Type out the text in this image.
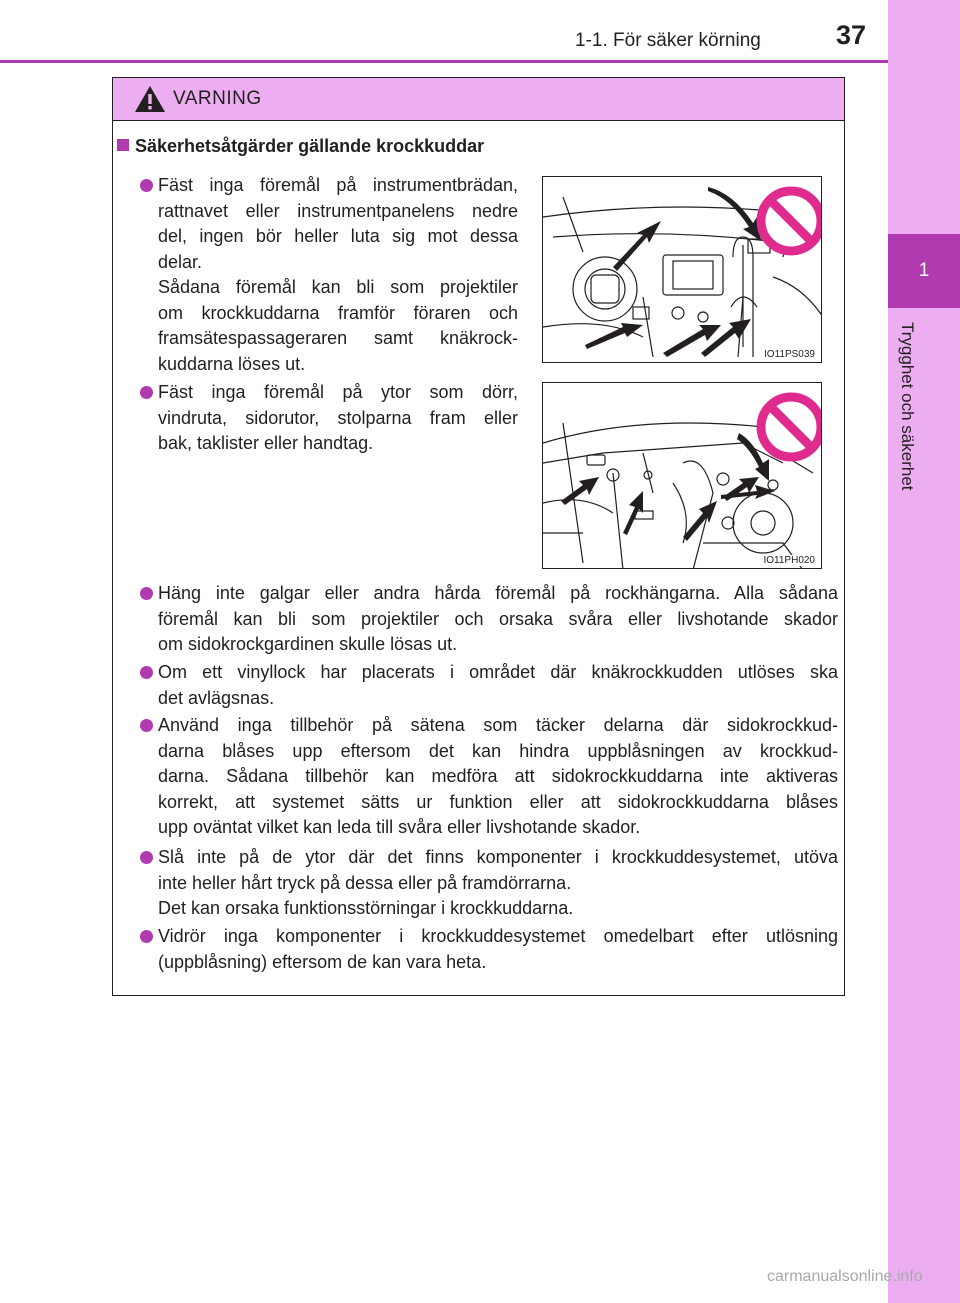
1-1. För säker körning	37
1
Trygghet och säkerhet
VARNING
Säkerhetsåtgärder gällande krockkuddar

Fäst inga föremål på instrumentbrädan,

rattnavet eller instrumentpanelens nedre

del, ingen bör heller luta sig mot dessa

delar.

Sådana föremål kan bli som projektiler

om krockkuddarna framför föraren och

framsätespassageraren samt knäkrock-

kuddarna löses ut.	IO11PS039

Fäst inga föremål på ytor som dörr,

vindruta, sidorutor, stolparna fram eller

bak, taklister eller handtag.

IO11PH020

Häng inte galgar eller andra hårda föremål på rockhängarna. Alla sådana

föremål kan bli som projektiler och orsaka svåra eller livshotande skador

om sidokrockgardinen skulle lösas ut.

Om ett vinyllock har placerats i området där knäkrockkudden utlöses ska

det avlägsnas.

Använd inga tillbehör på sätena som täcker delarna där sidokrockkud-

darna blåses upp eftersom det kan hindra uppblåsningen av krockkud-

darna. Sådana tillbehör kan medföra att sidokrockkuddarna inte aktiveras

korrekt, att systemet sätts ur funktion eller att sidokrockkuddarna blåses

upp oväntat vilket kan leda till svåra eller livshotande skador.

Slå inte på de ytor där det finns komponenter i krockkuddesystemet, utöva

inte heller hårt tryck på dessa eller på framdörrarna.

Det kan orsaka funktionsstörningar i krockkuddarna.

Vidrör inga komponenter i krockkuddesystemet omedelbart efter utlösning

(uppblåsning) eftersom de kan vara heta.

carmanualsonline.info
